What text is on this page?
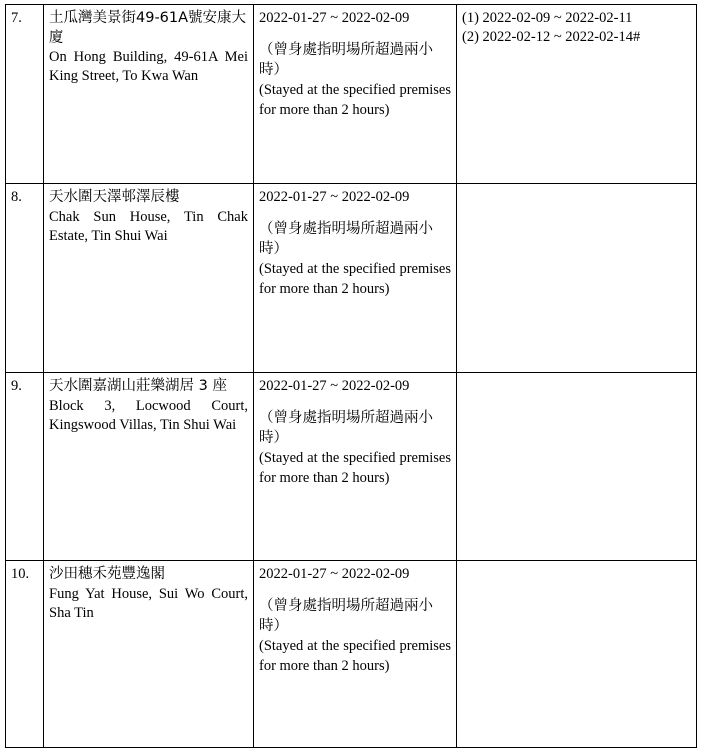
7.	土瓜灣美景街49-61A號安康大廈
On Hong Building, 49-61A Mei King Street, To Kwa Wan

2022-01-27 ~ 2022-02-09
（曾身處指明場所超過兩小時）
(Stayed at the specified premises for more than 2 hours)

(1) 2022-02-09 ~ 2022-02-11
(2) 2022-02-12 ~ 2022-02-14#

8.	天水圍天澤邨澤辰樓
Chak Sun House, Tin Chak Estate, Tin Shui Wai

2022-01-27 ~ 2022-02-09
（曾身處指明場所超過兩小時）
(Stayed at the specified premises for more than 2 hours)

9.	天水圍嘉湖山莊樂湖居 3 座
Block 3, Locwood Court, Kingswood Villas, Tin Shui Wai

2022-01-27 ~ 2022-02-09
（曾身處指明場所超過兩小時）
(Stayed at the specified premises for more than 2 hours)

10.	沙田穗禾苑豐逸閣
Fung Yat House, Sui Wo Court, Sha Tin

2022-01-27 ~ 2022-02-09
（曾身處指明場所超過兩小時）
(Stayed at the specified premises for more than 2 hours)
